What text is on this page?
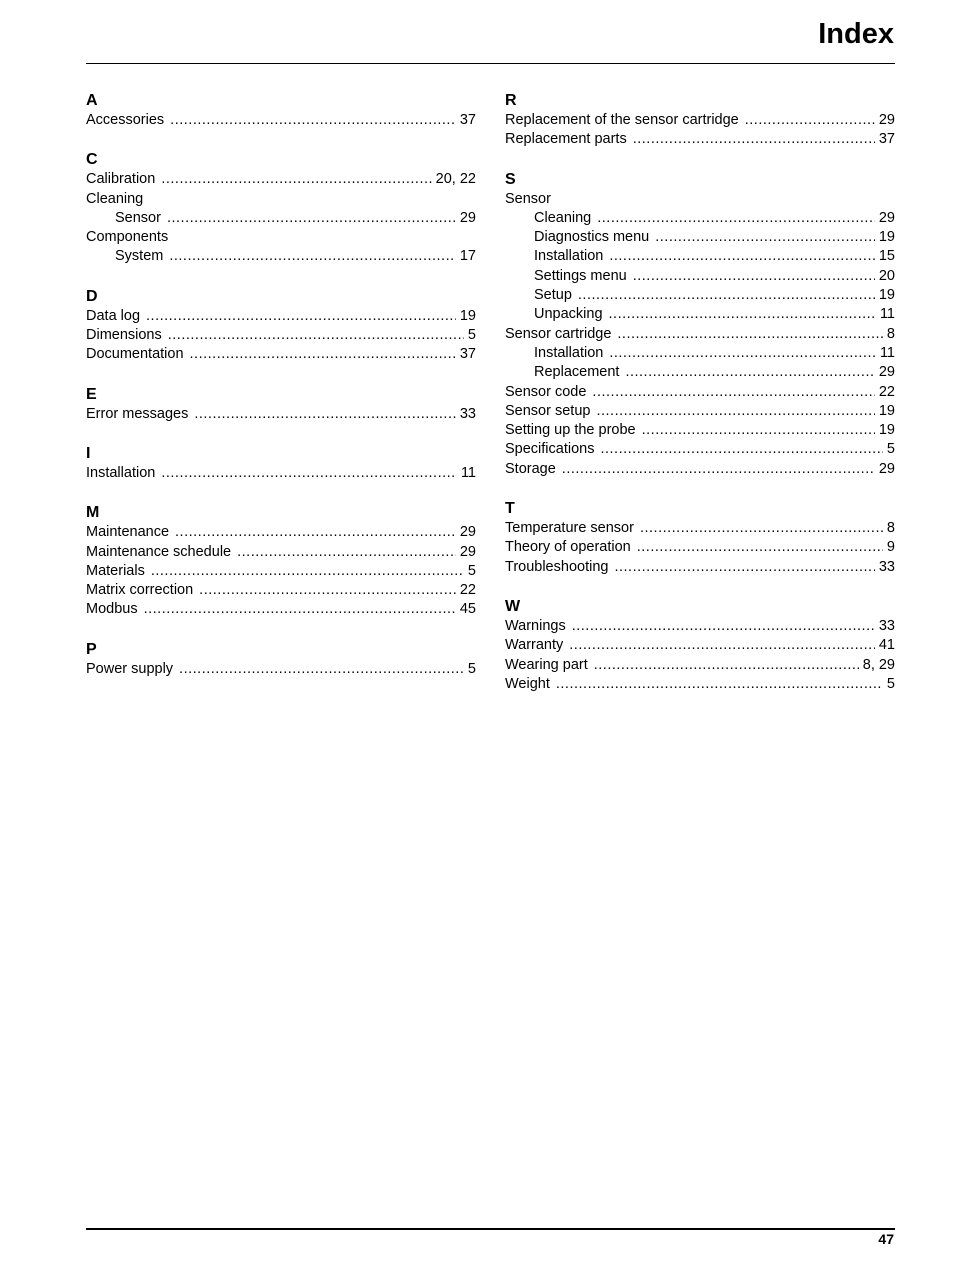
Index
A
Accessories .....	37
C
Calibration .....	20, 22
Cleaning
Sensor .....	29
Components
System .....	17
D
Data log .....	19
Dimensions .....	5
Documentation .....	37
E
Error messages .....	33
I
Installation .....	11
M
Maintenance .....	29
Maintenance schedule .....	29
Materials .....	5
Matrix correction .....	22
Modbus .....	45
P
Power supply .....	5
R
Replacement of the sensor cartridge .....	29
Replacement parts .....	37
S
Sensor
Cleaning .....	29
Diagnostics menu .....	19
Installation .....	15
Settings menu .....	20
Setup .....	19
Unpacking .....	11
Sensor cartridge .....	8
Installation .....	11
Replacement .....	29
Sensor code .....	22
Sensor setup .....	19
Setting up the probe .....	19
Specifications .....	5
Storage .....	29
T
Temperature sensor .....	8
Theory of operation .....	9
Troubleshooting .....	33
W
Warnings .....	33
Warranty .....	41
Wearing part .....	8, 29
Weight .....	5
47
